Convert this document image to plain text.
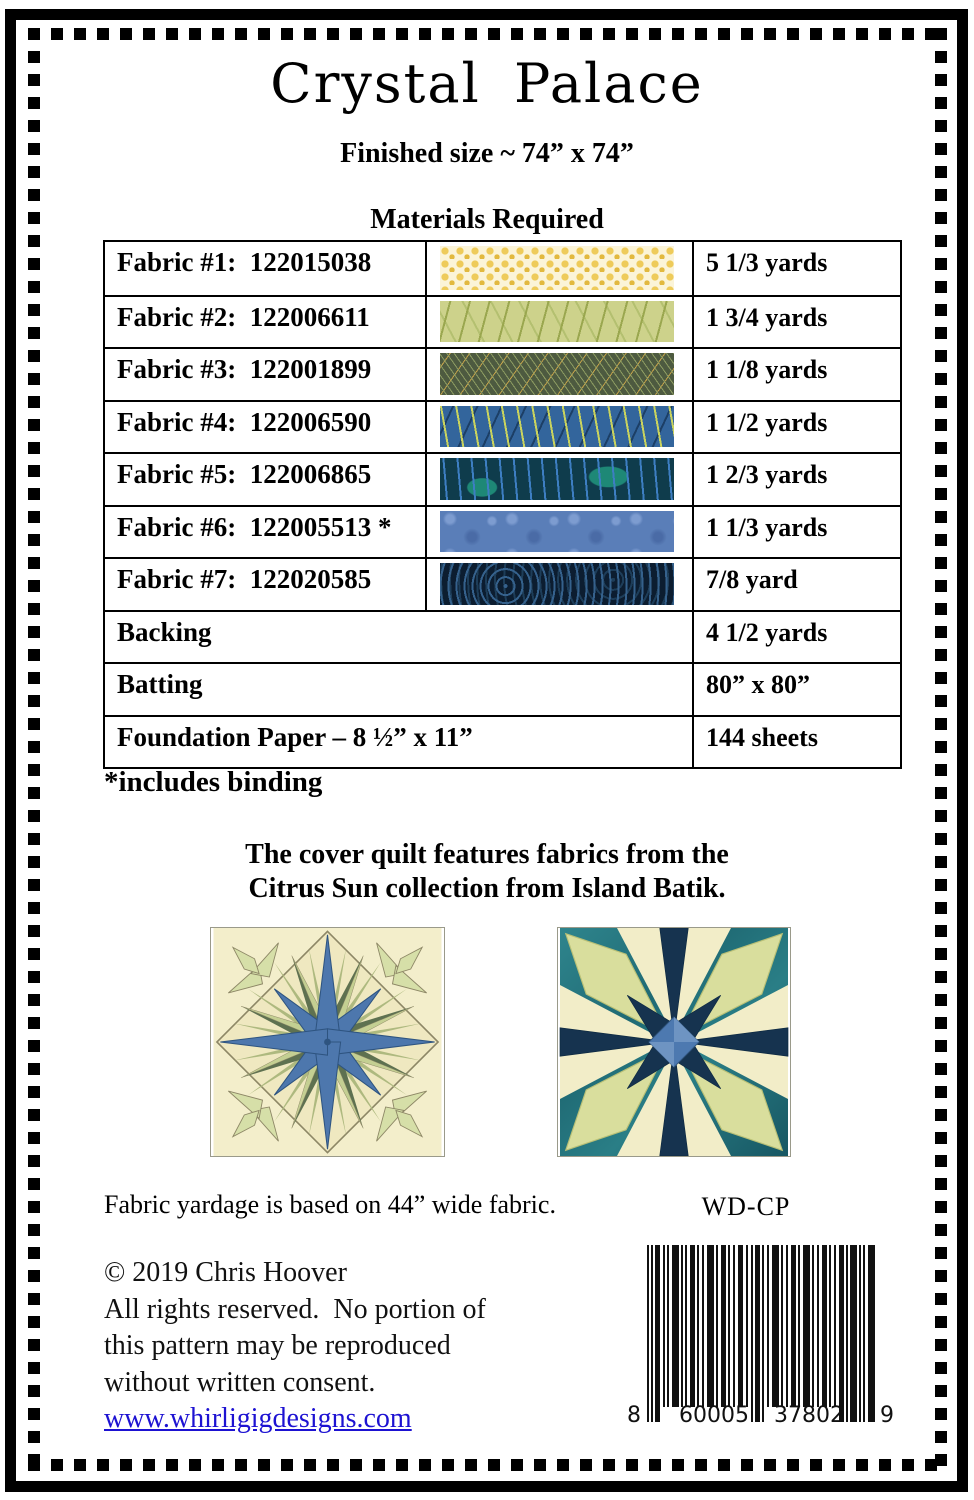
Crystal Palace
Finished size ~ 74” x 74”
Materials Required
Fabric #1:  122015038	5 1/3 yards
Fabric #2:  122006611	1 3/4 yards
Fabric #3:  122001899	1 1/8 yards
Fabric #4:  122006590	1 1/2 yards
Fabric #5:  122006865	1 2/3 yards
Fabric #6:  122005513 *	1 1/3 yards
Fabric #7:  122020585	7/8 yard
Backing	4 1/2 yards
Batting	80” x 80”
Foundation Paper – 8 ½” x 11”	144 sheets
*includes binding
The cover quilt features fabrics from the
Citrus Sun collection from Island Batik.
Fabric yardage is based on 44” wide fabric.	WD-CP
© 2019 Chris Hoover
All rights reserved.  No portion of
this pattern may be reproduced
without written consent.
www.whirligigdesigns.com	8	60005	37802	9
